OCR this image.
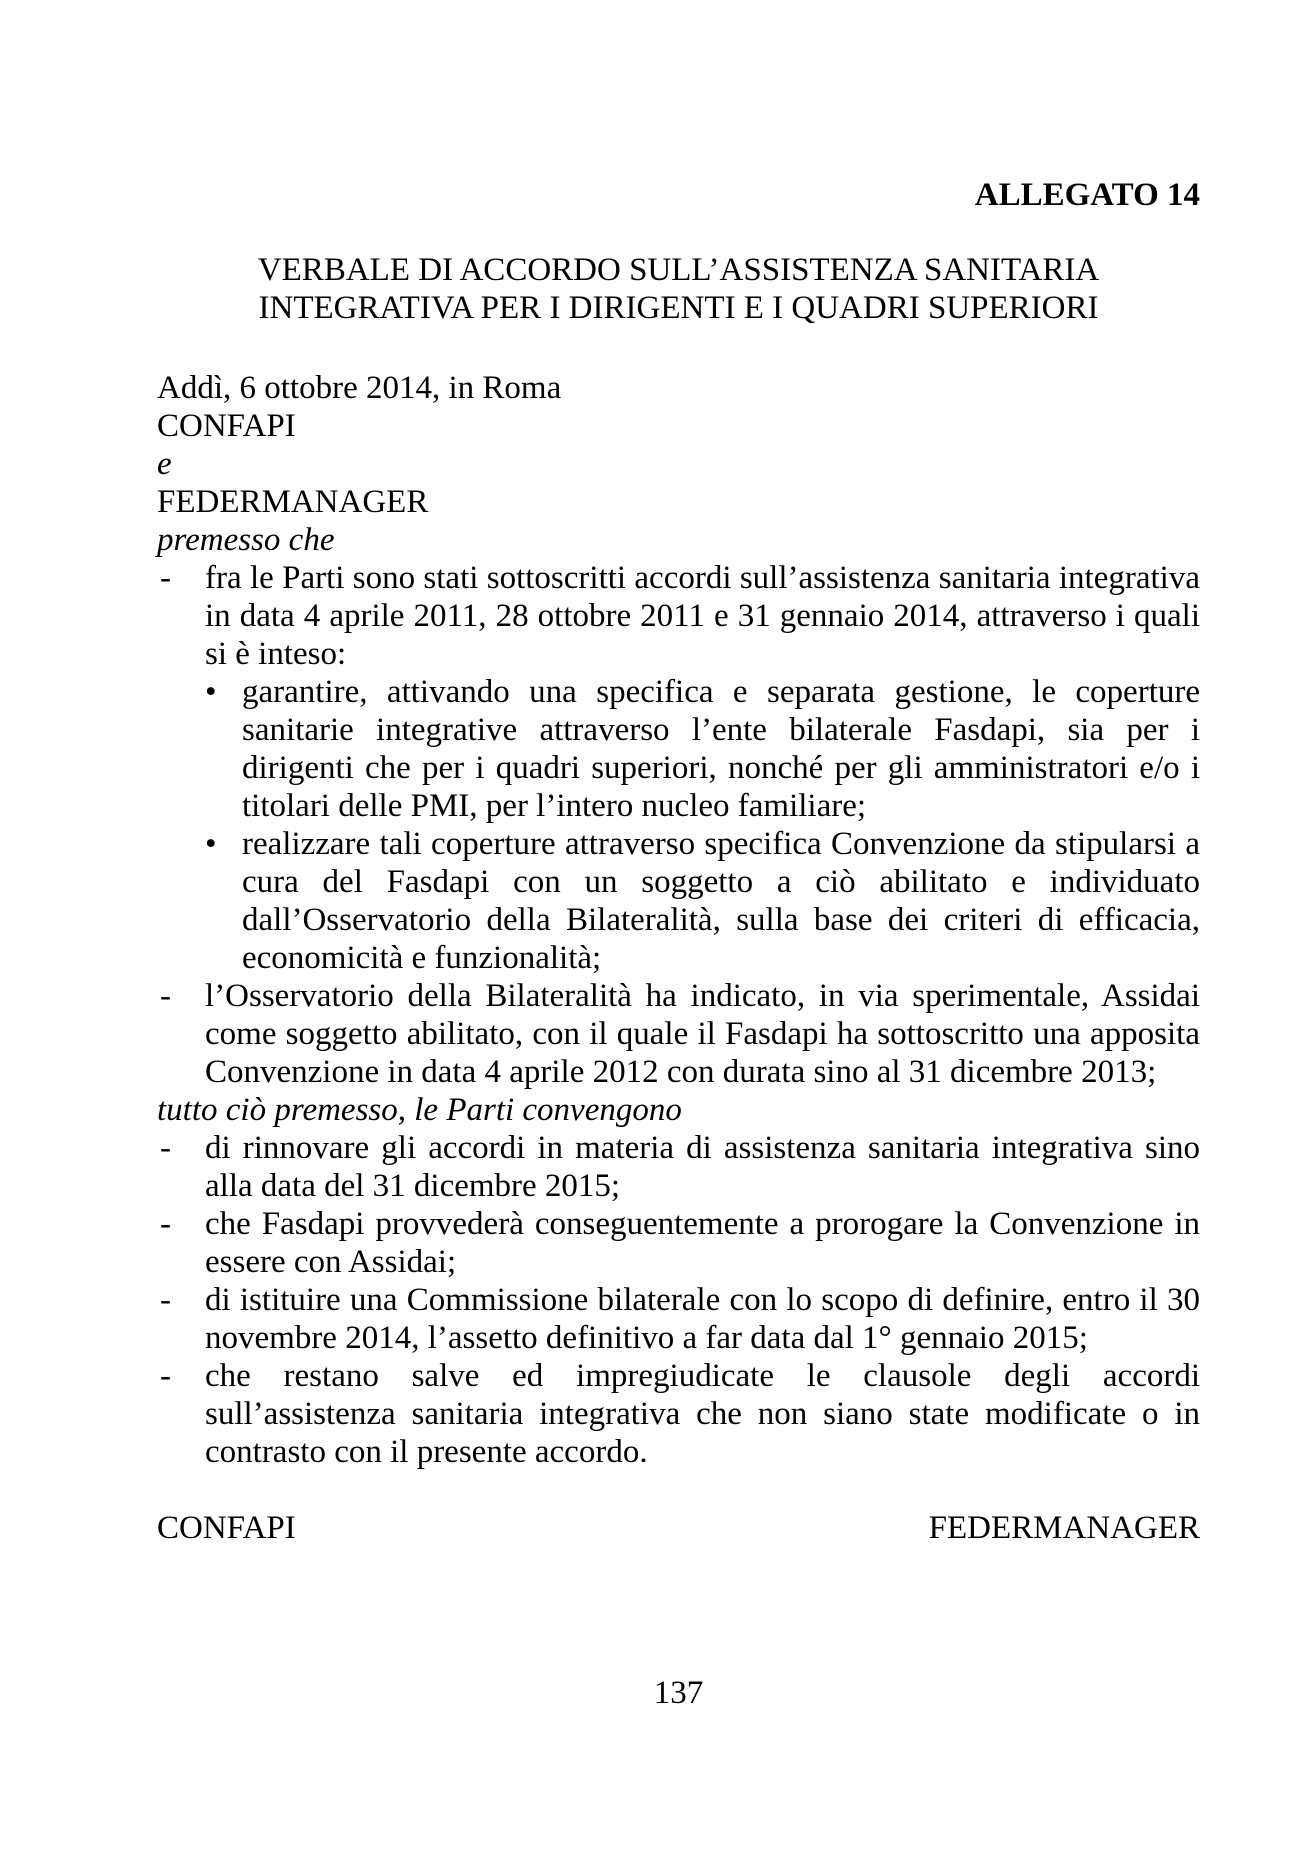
ALLEGATO 14
VERBALE DI ACCORDO SULL’ASSISTENZA SANITARIA
INTEGRATIVA PER I DIRIGENTI E I QUADRI SUPERIORI
Addì, 6 ottobre 2014, in Roma
CONFAPI
e
FEDERMANAGER
premesso che
- fra le Parti sono stati sottoscritti accordi sull’assistenza sanitaria integrativa in data 4 aprile 2011, 28 ottobre 2011 e 31 gennaio 2014, attraverso i quali si è inteso:
• garantire, attivando una specifica e separata gestione, le coperture sanitarie integrative attraverso l’ente bilaterale Fasdapi, sia per i dirigenti che per i quadri superiori, nonché per gli amministratori e/o i titolari delle PMI, per l’intero nucleo familiare;
• realizzare tali coperture attraverso specifica Convenzione da stipularsi a cura del Fasdapi con un soggetto a ciò abilitato e individuato dall’Osservatorio della Bilateralità, sulla base dei criteri di efficacia, economicità e funzionalità;
- l’Osservatorio della Bilateralità ha indicato, in via sperimentale, Assidai come soggetto abilitato, con il quale il Fasdapi ha sottoscritto una apposita Convenzione in data 4 aprile 2012 con durata sino al 31 dicembre 2013;
tutto ciò premesso, le Parti convengono
- di rinnovare gli accordi in materia di assistenza sanitaria integrativa sino alla data del 31 dicembre 2015;
- che Fasdapi provvederà conseguentemente a prorogare la Convenzione in essere con Assidai;
- di istituire una Commissione bilaterale con lo scopo di definire, entro il 30 novembre 2014, l’assetto definitivo a far data dal 1° gennaio 2015;
- che restano salve ed impregiudicate le clausole degli accordi sull’assistenza sanitaria integrativa che non siano state modificate o in contrasto con il presente accordo.
CONFAPI	FEDERMANAGER
137
